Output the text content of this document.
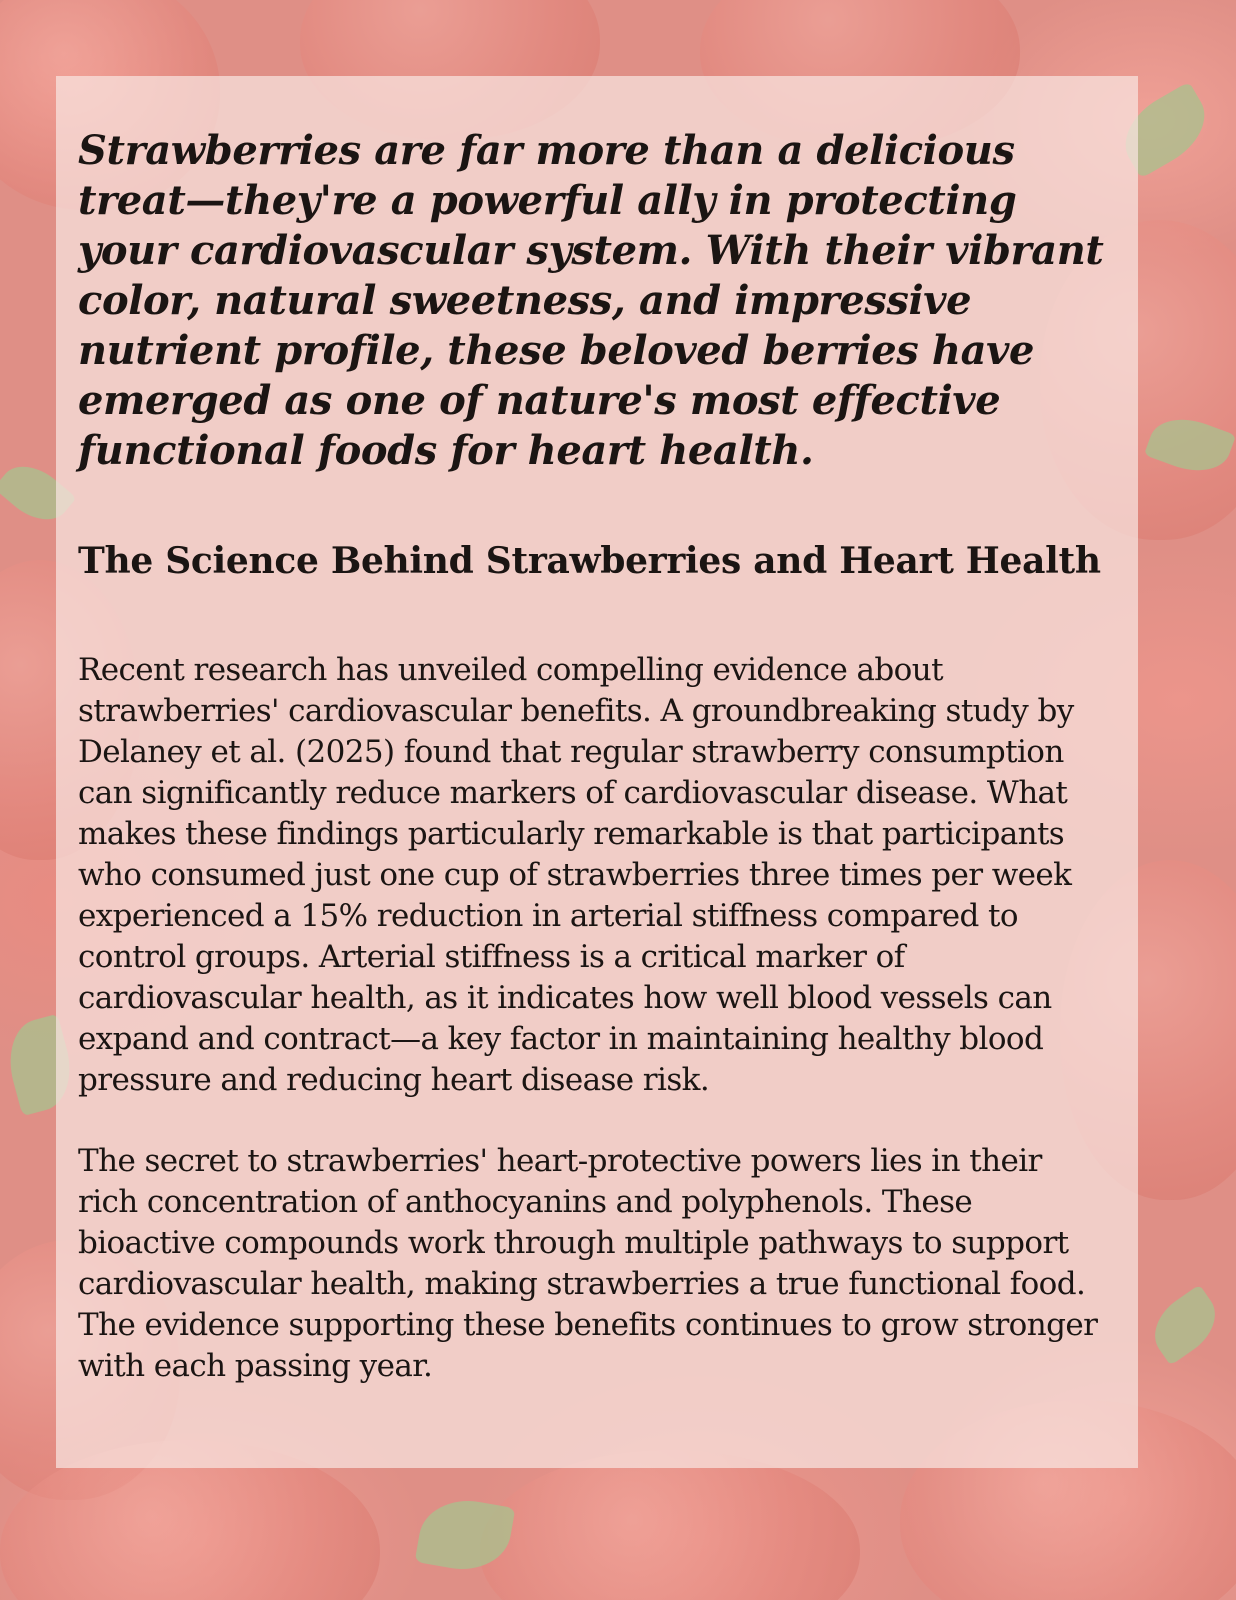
Strawberries are far more than a delicious treat—they're a powerful ally in protecting your cardiovascular system. With their vibrant color, natural sweetness, and impressive nutrient profile, these beloved berries have emerged as one of nature's most effective functional foods for heart health.

The Science Behind Strawberries and Heart Health

Recent research has unveiled compelling evidence about strawberries' cardiovascular benefits. A groundbreaking study by Delaney et al. (2025) found that regular strawberry consumption can significantly reduce markers of cardiovascular disease. What makes these findings particularly remarkable is that participants who consumed just one cup of strawberries three times per week experienced a 15% reduction in arterial stiffness compared to control groups. Arterial stiffness is a critical marker of cardiovascular health, as it indicates how well blood vessels can expand and contract—a key factor in maintaining healthy blood pressure and reducing heart disease risk.

The secret to strawberries' heart-protective powers lies in their rich concentration of anthocyanins and polyphenols. These bioactive compounds work through multiple pathways to support cardiovascular health, making strawberries a true functional food. The evidence supporting these benefits continues to grow stronger with each passing year.
